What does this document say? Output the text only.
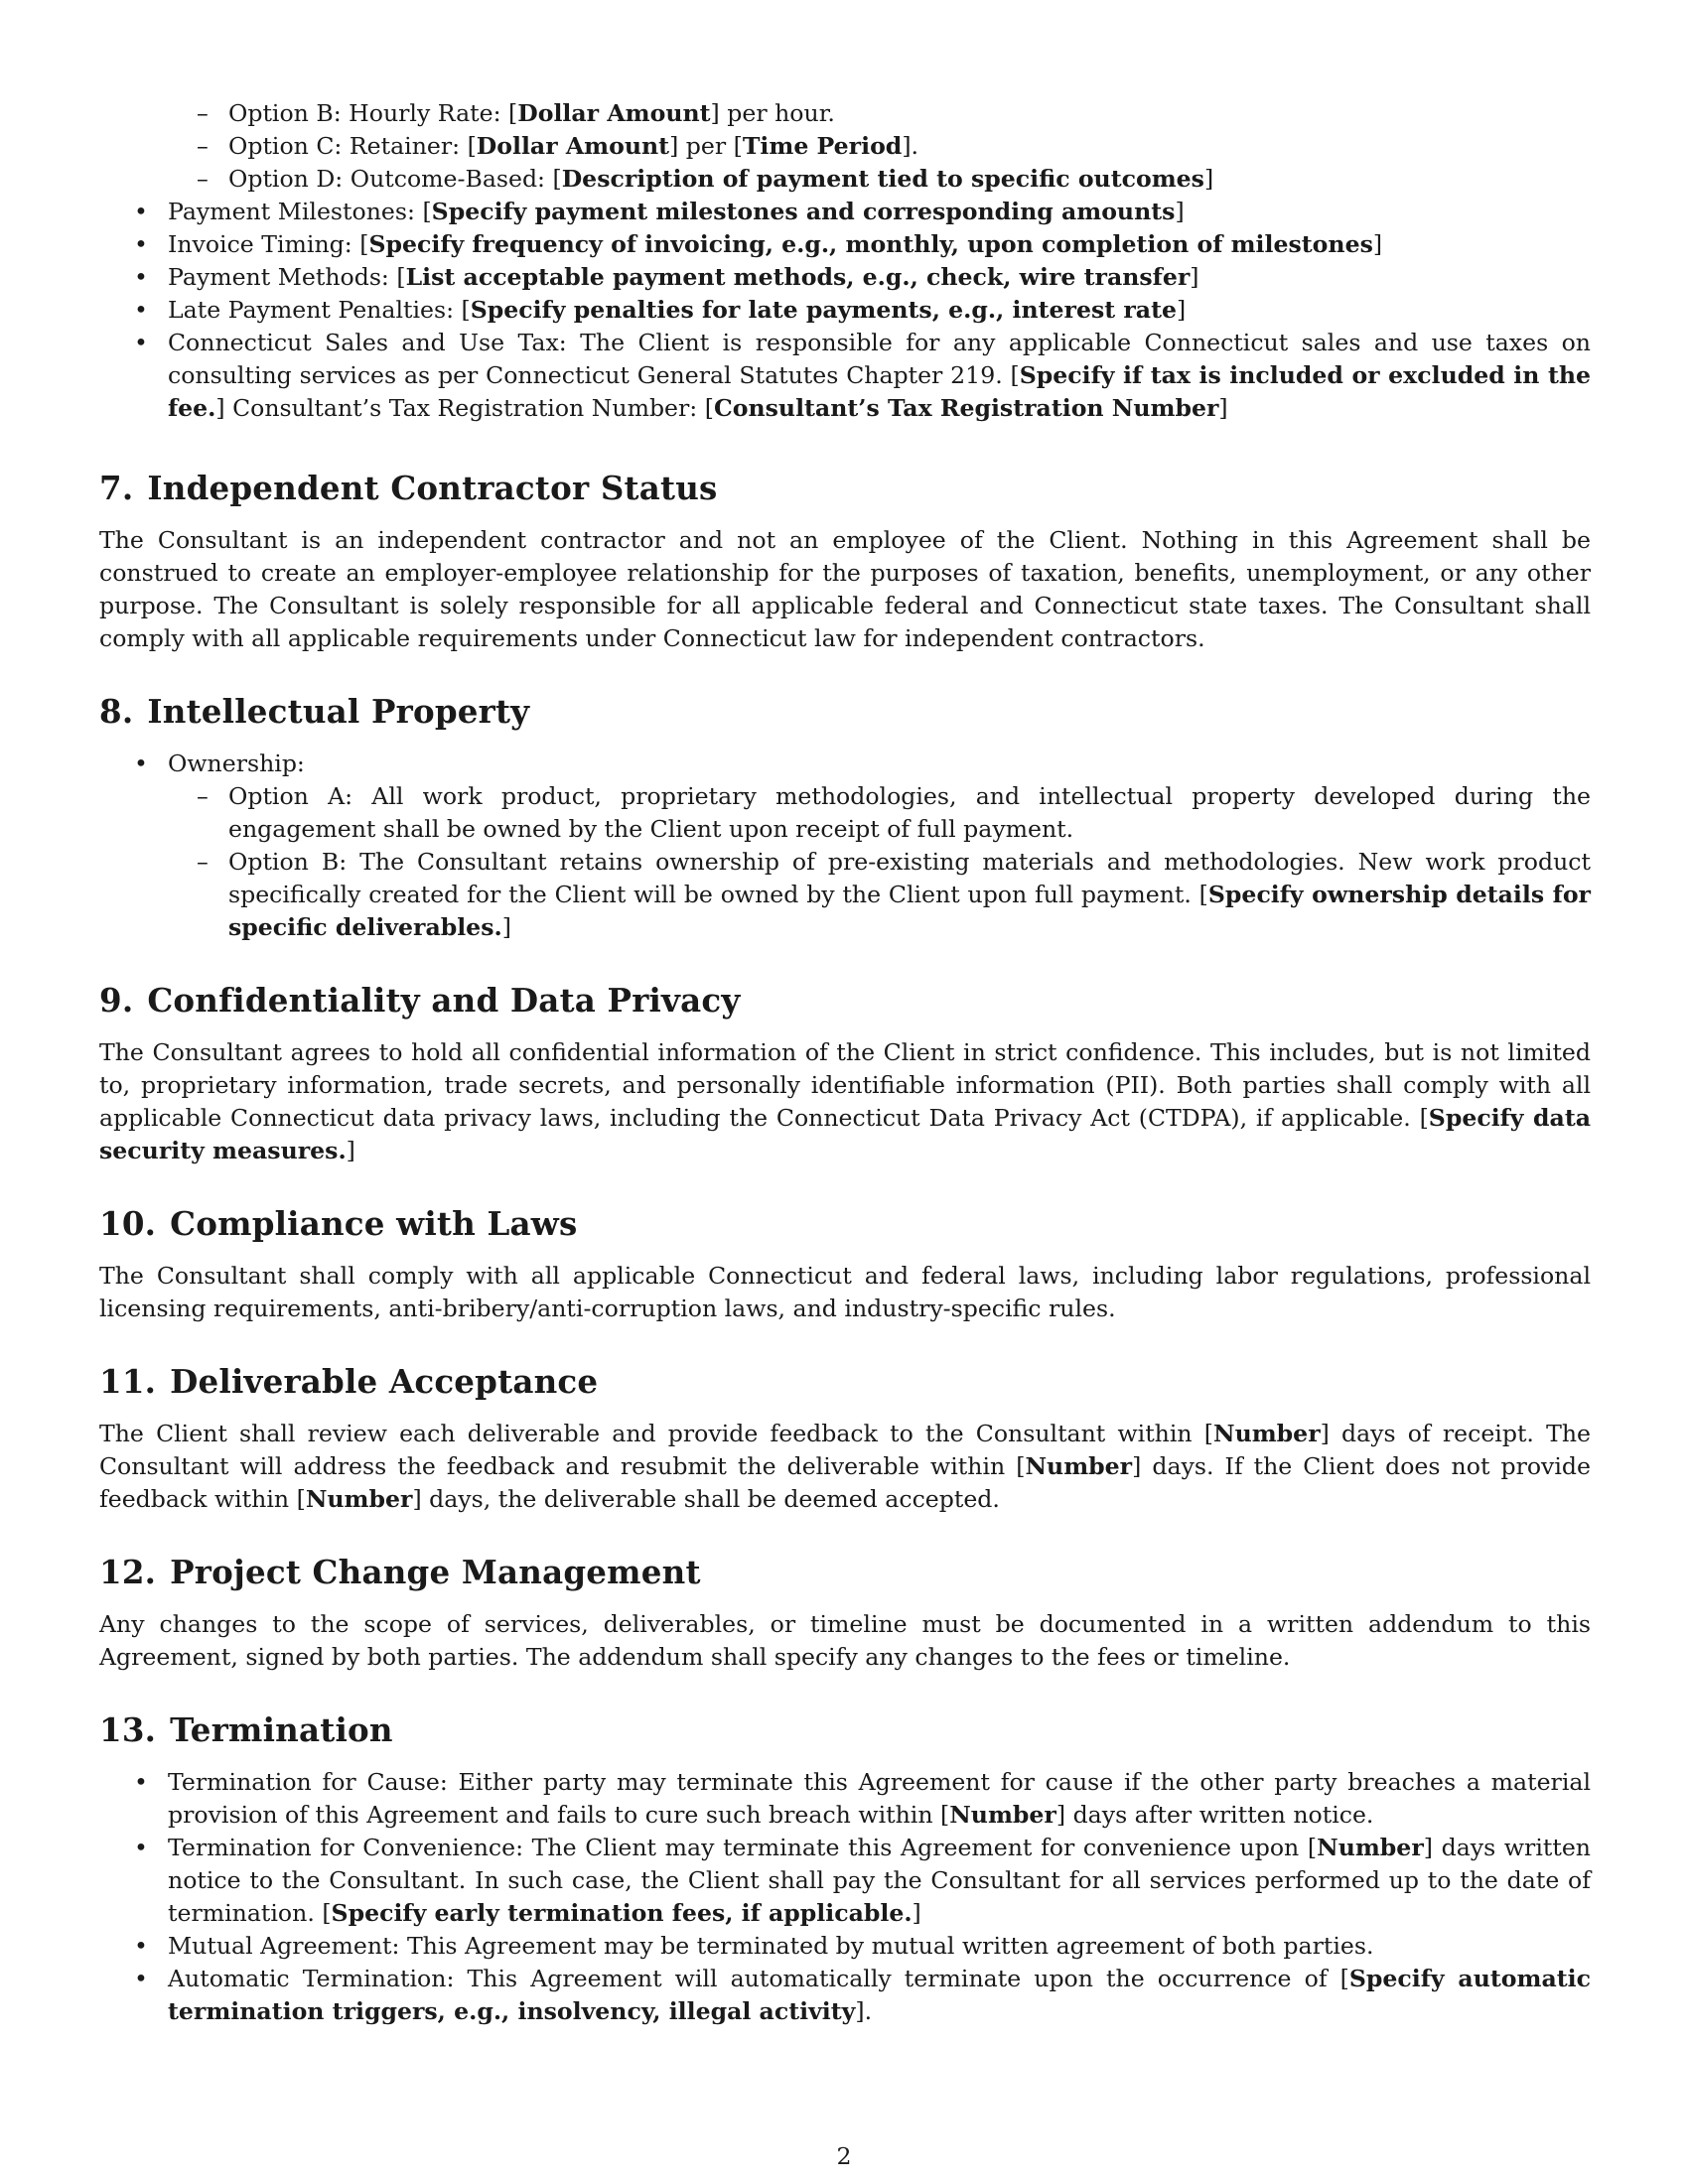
– Option B: Hourly Rate: [Dollar Amount] per hour.
– Option C: Retainer: [Dollar Amount] per [Time Period].
– Option D: Outcome-Based: [Description of payment tied to specific outcomes]
• Payment Milestones: [Specify payment milestones and corresponding amounts]
• Invoice Timing: [Specify frequency of invoicing, e.g., monthly, upon completion of milestones]
• Payment Methods: [List acceptable payment methods, e.g., check, wire transfer]
• Late Payment Penalties: [Specify penalties for late payments, e.g., interest rate]
• Connecticut Sales and Use Tax: The Client is responsible for any applicable Connecticut sales and use taxes on consulting services as per Connecticut General Statutes Chapter 219. [Specify if tax is included or excluded in the fee.] Consultant’s Tax Registration Number: [Consultant’s Tax Registration Number]
7. Independent Contractor Status

The Consultant is an independent contractor and not an employee of the Client. Nothing in this Agreement shall be construed to create an employer-employee relationship for the purposes of taxation, benefits, unemployment, or any other purpose. The Consultant is solely responsible for all applicable federal and Connecticut state taxes. The Consultant shall comply with all applicable requirements under Connecticut law for independent contractors.

8. Intellectual Property
• Ownership:
– Option A: All work product, proprietary methodologies, and intellectual property developed during the engagement shall be owned by the Client upon receipt of full payment.
– Option B: The Consultant retains ownership of pre-existing materials and methodologies. New work product specifically created for the Client will be owned by the Client upon full payment. [Specify ownership details for specific deliverables.]
9. Confidentiality and Data Privacy

The Consultant agrees to hold all confidential information of the Client in strict confidence. This includes, but is not limited to, proprietary information, trade secrets, and personally identifiable information (PII). Both parties shall comply with all applicable Connecticut data privacy laws, including the Connecticut Data Privacy Act (CTDPA), if applicable. [Specify data security measures.]

10. Compliance with Laws

The Consultant shall comply with all applicable Connecticut and federal laws, including labor regulations, professional licensing requirements, anti-bribery/anti-corruption laws, and industry-specific rules.

11. Deliverable Acceptance

The Client shall review each deliverable and provide feedback to the Consultant within [Number] days of receipt. The Consultant will address the feedback and resubmit the deliverable within [Number] days. If the Client does not provide feedback within [Number] days, the deliverable shall be deemed accepted.

12. Project Change Management

Any changes to the scope of services, deliverables, or timeline must be documented in a written addendum to this Agreement, signed by both parties. The addendum shall specify any changes to the fees or timeline.

13. Termination
• Termination for Cause: Either party may terminate this Agreement for cause if the other party breaches a material provision of this Agreement and fails to cure such breach within [Number] days after written notice.
• Termination for Convenience: The Client may terminate this Agreement for convenience upon [Number] days written notice to the Consultant. In such case, the Client shall pay the Consultant for all services performed up to the date of termination. [Specify early termination fees, if applicable.]
• Mutual Agreement: This Agreement may be terminated by mutual written agreement of both parties.
• Automatic Termination: This Agreement will automatically terminate upon the occurrence of [Specify automatic termination triggers, e.g., insolvency, illegal activity].
2
